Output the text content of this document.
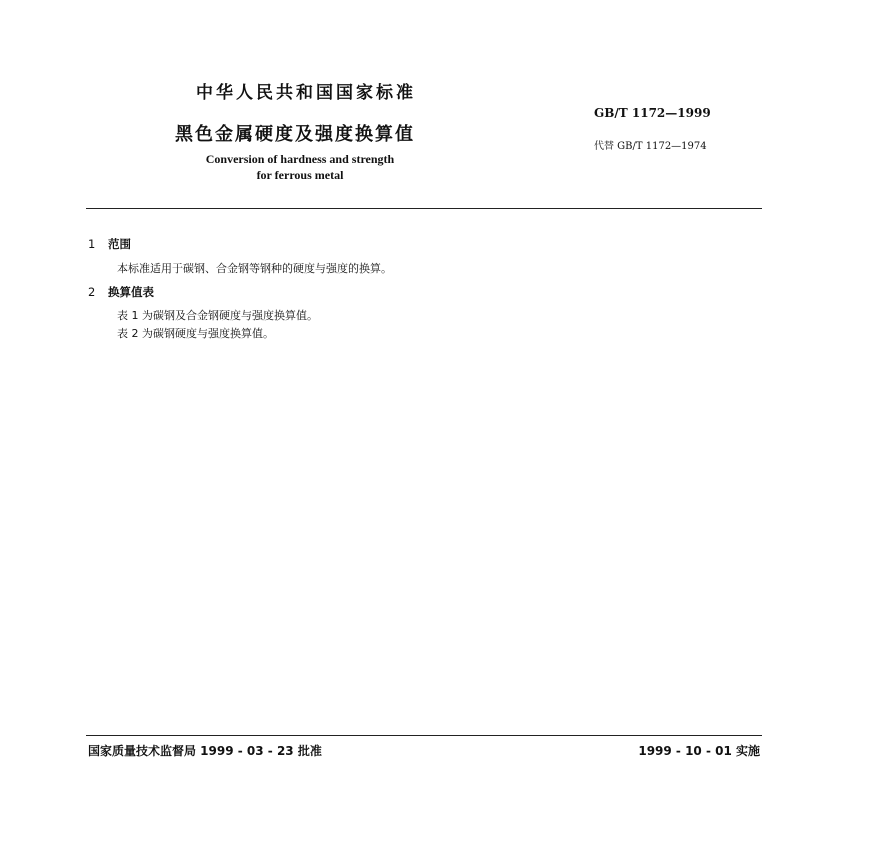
中华人民共和国国家标准
GB/T 1172—1999
黑色金属硬度及强度换算值
代替 GB/T 1172—1974
Conversion of hardness and strength
for ferrous metal
1 范围
本标准适用于碳钢、合金钢等钢种的硬度与强度的换算。
2 换算值表
表 1 为碳钢及合金钢硬度与强度换算值。
表 2 为碳钢硬度与强度换算值。
国家质量技术监督局 1999 - 03 - 23 批准	1999 - 10 - 01 实施
